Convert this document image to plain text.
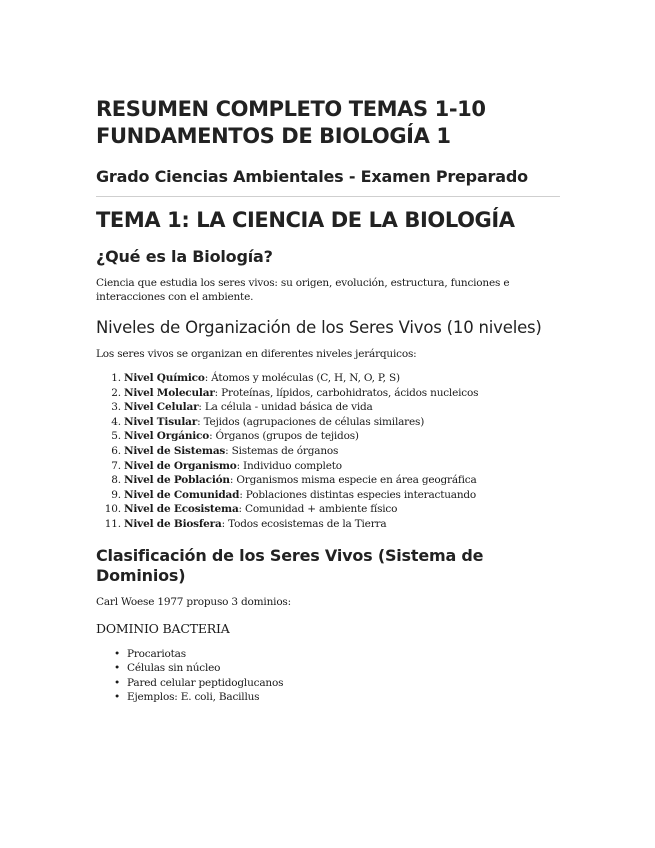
RESUMEN COMPLETO TEMAS 1-10
FUNDAMENTOS DE BIOLOGÍA 1
Grado Ciencias Ambientales - Examen Preparado
TEMA 1: LA CIENCIA DE LA BIOLOGÍA
¿Qué es la Biología?

Ciencia que estudia los seres vivos: su origen, evolución, estructura, funciones e interacciones con el ambiente.

Niveles de Organización de los Seres Vivos (10 niveles)

Los seres vivos se organizan en diferentes niveles jerárquicos:

1. Nivel Químico: Átomos y moléculas (C, H, N, O, P, S)
2. Nivel Molecular: Proteínas, lípidos, carbohidratos, ácidos nucleicos
3. Nivel Celular: La célula - unidad básica de vida
4. Nivel Tisular: Tejidos (agrupaciones de células similares)
5. Nivel Orgánico: Órganos (grupos de tejidos)
6. Nivel de Sistemas: Sistemas de órganos
7. Nivel de Organismo: Individuo completo
8. Nivel de Población: Organismos misma especie en área geográfica
9. Nivel de Comunidad: Poblaciones distintas especies interactuando
10. Nivel de Ecosistema: Comunidad + ambiente físico
11. Nivel de Biosfera: Todos ecosistemas de la Tierra
Clasificación de los Seres Vivos (Sistema de Dominios)

Carl Woese 1977 propuso 3 dominios:

DOMINIO BACTERIA
• Procariotas
• Células sin núcleo
• Pared celular peptidoglucanos
• Ejemplos: E. coli, Bacillus
